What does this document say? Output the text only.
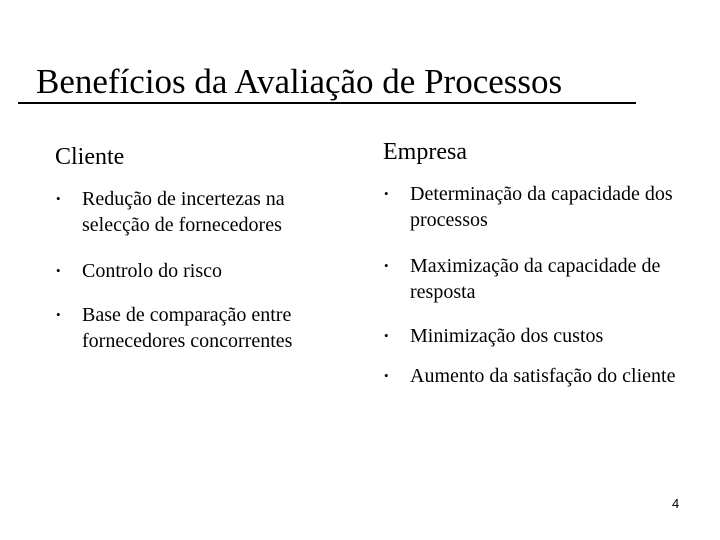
Benefícios da Avaliação de Processos
Cliente	Empresa
• Redução de incertezas na selecção de fornecedores
• Controlo do risco
• Base de comparação entre fornecedores concorrentes
• Determinação da capacidade dos processos
• Maximização da capacidade de resposta
• Minimização dos custos
• Aumento da satisfação do cliente
4
